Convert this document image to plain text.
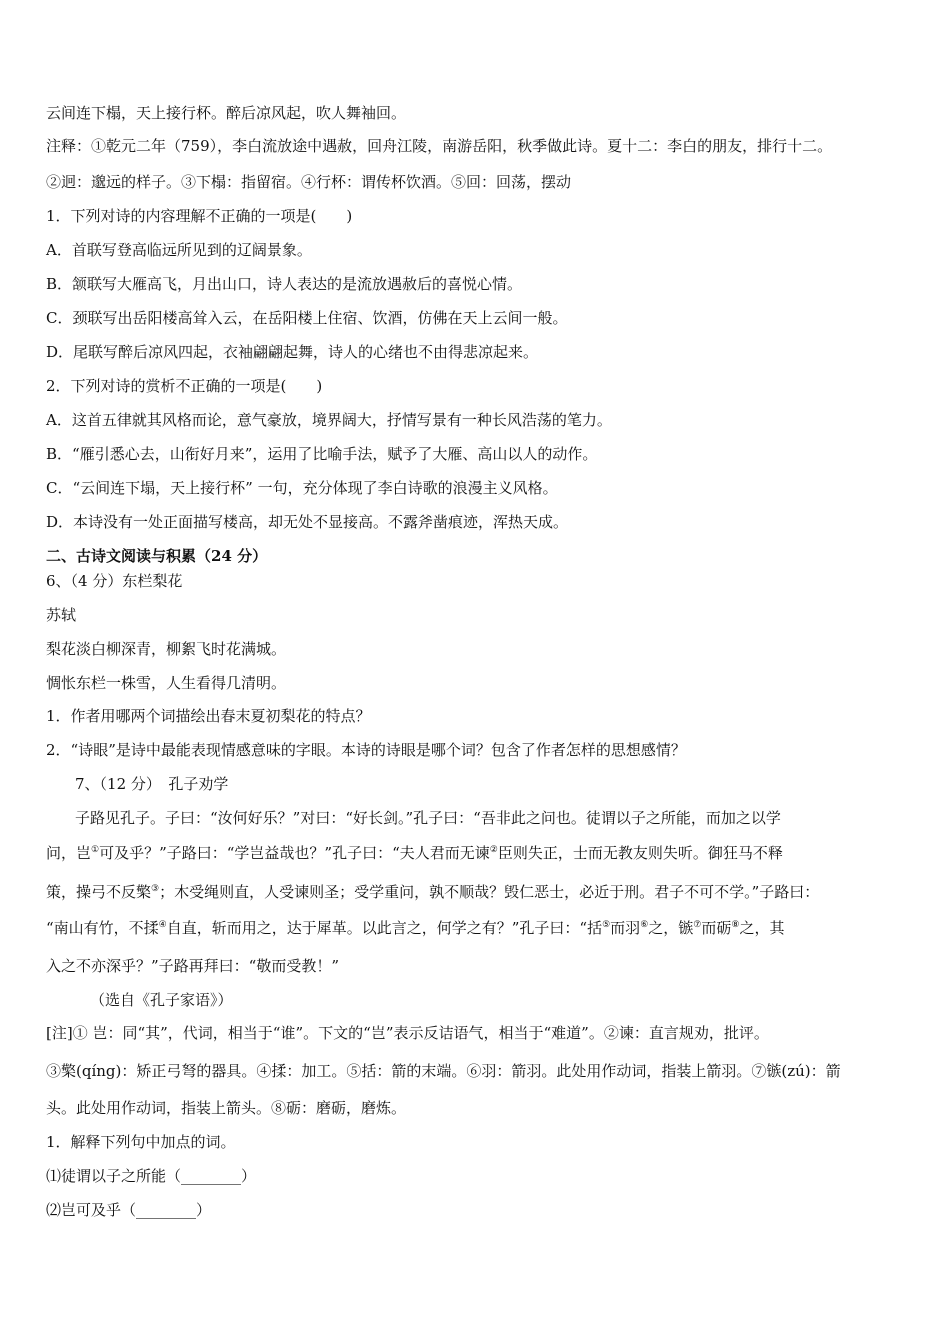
云间连下榻，天上接行杯。醉后凉风起，吹人舞袖回。
注释：①乾元二年（759），李白流放途中遇赦，回舟江陵，南游岳阳，秋季做此诗。夏十二：李白的朋友，排行十二。
②迥：邈远的样子。③下榻：指留宿。④行杯：谓传杯饮酒。⑤回：回荡，摆动
1．下列对诗的内容理解不正确的一项是(　　)
A．首联写登高临远所见到的辽阔景象。
B．颔联写大雁高飞，月出山口，诗人表达的是流放遇赦后的喜悦心情。
C．颈联写出岳阳楼高耸入云，在岳阳楼上住宿、饮酒，仿佛在天上云间一般。
D．尾联写醉后凉风四起，衣袖翩翩起舞，诗人的心绪也不由得悲凉起来。
2．下列对诗的赏析不正确的一项是(　　)
A．这首五律就其风格而论，意气豪放，境界阔大，抒情写景有一种长风浩荡的笔力。
B．“雁引悉心去，山衔好月来”，运用了比喻手法，赋予了大雁、高山以人的动作。
C．“云间连下塌，天上接行杯” 一句，充分体现了李白诗歌的浪漫主义风格。
D．本诗没有一处正面描写楼高，却无处不显接高。不露斧凿痕迹，浑热天成。
二、古诗文阅读与积累（24 分）
6、（4 分）东栏梨花
苏轼
梨花淡白柳深青，柳絮飞时花满城。
惆怅东栏一株雪，人生看得几清明。
1．作者用哪两个词描绘出春末夏初梨花的特点？
2．“诗眼”是诗中最能表现情感意味的字眼。本诗的诗眼是哪个词？包含了作者怎样的思想感情？
7、（12 分）　孔子劝学
子路见孔子。子曰：“汝何好乐？”对曰：“好长剑。”孔子曰：“吾非此之问也。徒谓以子之所能，而加之以学
问，岂①可及乎？”子路曰：“学岂益哉也？”孔子曰：“夫人君而无谏②臣则失正，士而无教友则失听。御狂马不释
策，操弓不反檠③；木受绳则直，人受谏则圣；受学重问，孰不顺哉？毁仁恶士，必近于刑。君子不可不学。”子路曰：
“南山有竹，不揉④自直，斩而用之，达于犀革。以此言之，何学之有？”孔子曰：“括⑤而羽⑥之，镞⑦而砺⑧之，其
入之不亦深乎？”子路再拜曰：“敬而受教！”
（选自《孔子家语》）
[注]① 岂：同“其”，代词，相当于“谁”。下文的“岂”表示反诘语气，相当于“难道”。②谏：直言规劝，批评。
③檠(qíng)：矫正弓弩的器具。④揉：加工。⑤括：箭的末端。⑥羽：箭羽。此处用作动词，指装上箭羽。⑦镞(zú)：箭
头。此处用作动词，指装上箭头。⑧砺：磨砺，磨炼。
1．解释下列句中加点的词。
⑴徒谓以子之所能（________）
⑵岂可及乎（________）
